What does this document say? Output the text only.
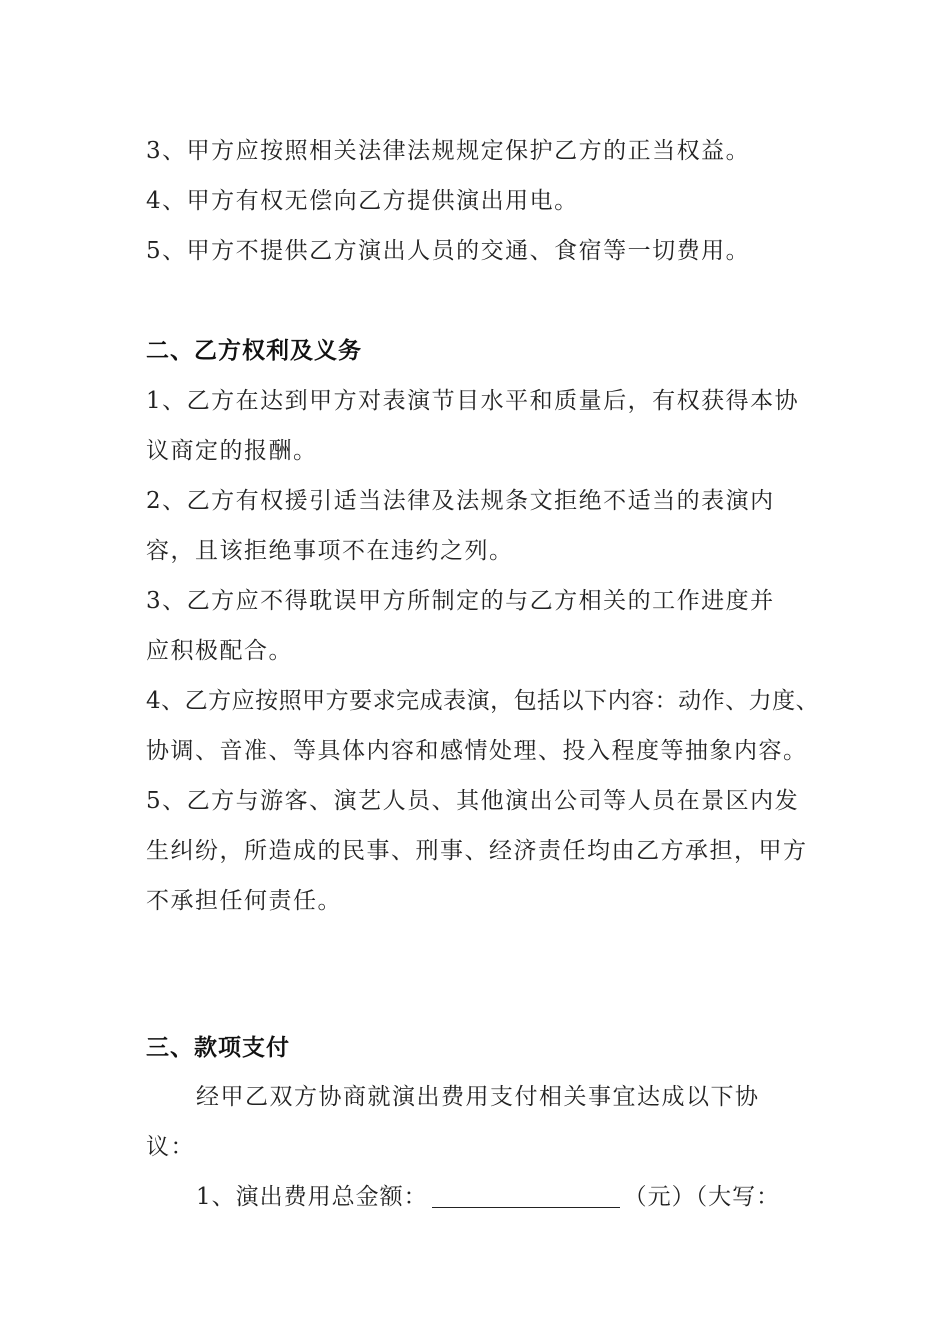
3、甲方应按照相关法律法规规定保护乙方的正当权益。
4、甲方有权无偿向乙方提供演出用电。
5、甲方不提供乙方演出人员的交通、食宿等一切费用。
二、乙方权利及义务
1、乙方在达到甲方对表演节目水平和质量后，有权获得本协
议商定的报酬。
2、乙方有权援引适当法律及法规条文拒绝不适当的表演内
容，且该拒绝事项不在违约之列。
3、乙方应不得耽误甲方所制定的与乙方相关的工作进度并
应积极配合。
4、乙方应按照甲方要求完成表演，包括以下内容：动作、力度、
协调、音准、等具体内容和感情处理、投入程度等抽象内容。
5、乙方与游客、演艺人员、其他演出公司等人员在景区内发
生纠纷，所造成的民事、刑事、经济责任均由乙方承担，甲方
不承担任何责任。
三、款项支付
经甲乙双方协商就演出费用支付相关事宜达成以下协
议：
1、演出费用总金额：	（元）（大写：
